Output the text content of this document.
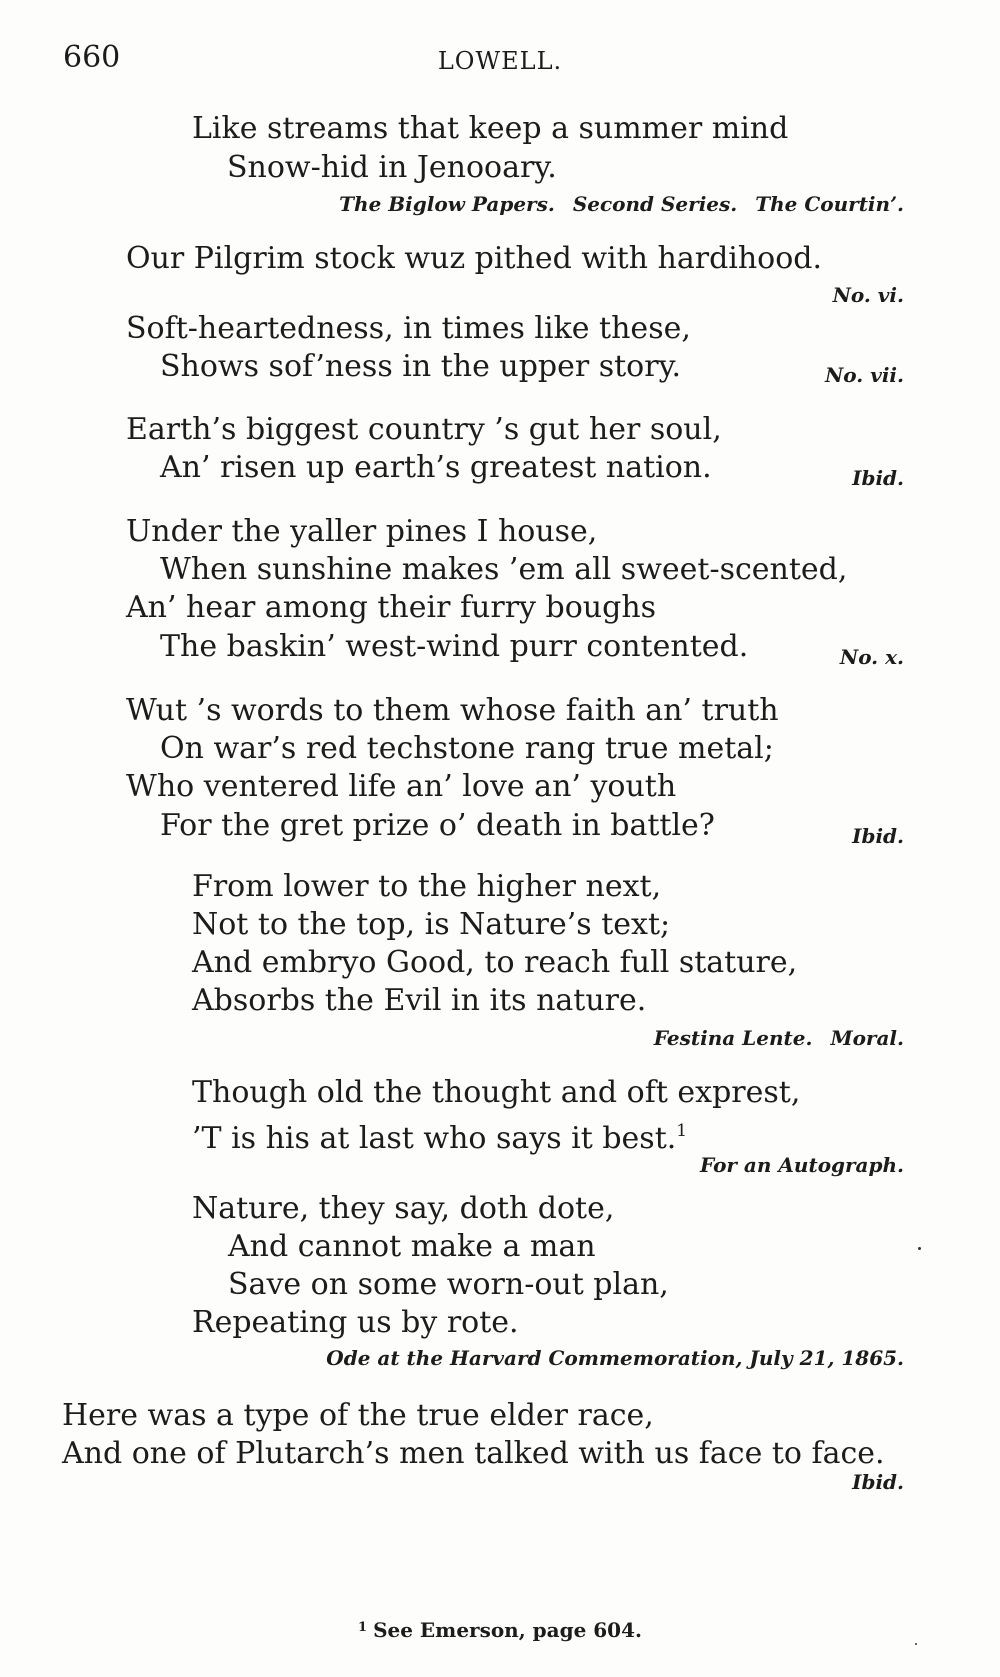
660	LOWELL.
Like streams that keep a summer mind
Snow-hid in Jenooary.
The Biglow Papers. Second Series. The Courtin’.
Our Pilgrim stock wuz pithed with hardihood.
No. vi.
Soft-heartedness, in times like these,
Shows sof’ness in the upper story.	No. vii.
Earth’s biggest country ’s gut her soul,
An’ risen up earth’s greatest nation.	Ibid.
Under the yaller pines I house,
When sunshine makes ’em all sweet-scented,
An’ hear among their furry boughs
The baskin’ west-wind purr contented.	No. x.
Wut ’s words to them whose faith an’ truth
On war’s red techstone rang true metal;
Who ventered life an’ love an’ youth
For the gret prize o’ death in battle?	Ibid.
From lower to the higher next,
Not to the top, is Nature’s text;
And embryo Good, to reach full stature,
Absorbs the Evil in its nature.
Festina Lente. Moral.
Though old the thought and oft exprest,
’T is his at last who says it best.$^1$
For an Autograph.
Nature, they say, doth dote,
And cannot make a man
Save on some worn-out plan,
Repeating us by rote.
Ode at the Harvard Commemoration, July 21, 1865.
Here was a type of the true elder race,
And one of Plutarch’s men talked with us face to face.
Ibid.
$^1$ See Emerson, page 604.
